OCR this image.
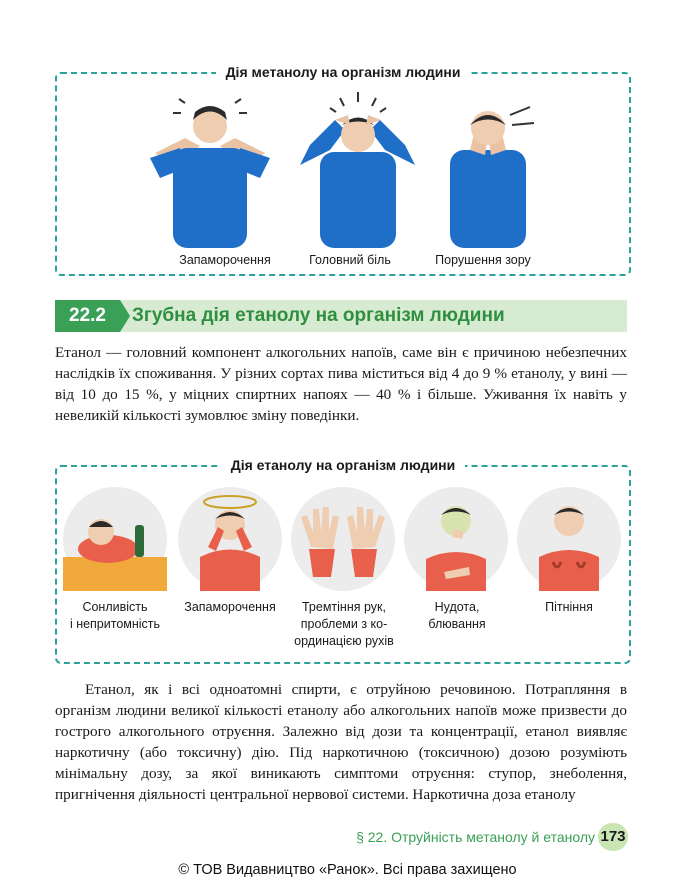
Дія метанолу на організм людини
Запаморочення	Головний біль	Порушення зору
22.2	Згубна дія етанолу на організм людини
Етанол — головний компонент алкогольних напоїв, саме він є причиною небезпечних наслідків їх споживання. У різних сортах пива міститься від 4 до 9 % етанолу, у вині — від 10 до 15 %, у міцних спиртних напоях — 40 % і більше. Уживання їх навіть у невеликій кількості зумовлює зміну поведінки.
Дія етанолу на організм людини
Сонливість
і непритомність
Запаморочення	Тремтіння рук,
проблеми з ко-
ординацією рухів
Нудота,
блювання
Пітніння
Етанол, як і всі одноатомні спирти, є отруйною речовиною. Потрапляння в організм людини великої кількості етанолу або алкогольних напоїв може призвести до гострого алкогольного отруєння. Залежно від дози та концентрації, етанол виявляє наркотичну (або токсичну) дію. Під наркотичною (токсичною) дозою розуміють мінімальну дозу, за якої виникають симптоми отруєння: ступор, знеболення, пригнічення діяльності центральної нервової системи. Наркотична доза етанолу
§ 22. Отруйність метанолу й етанолу 173
© ТОВ Видавництво «Ранок». Всі права захищено
